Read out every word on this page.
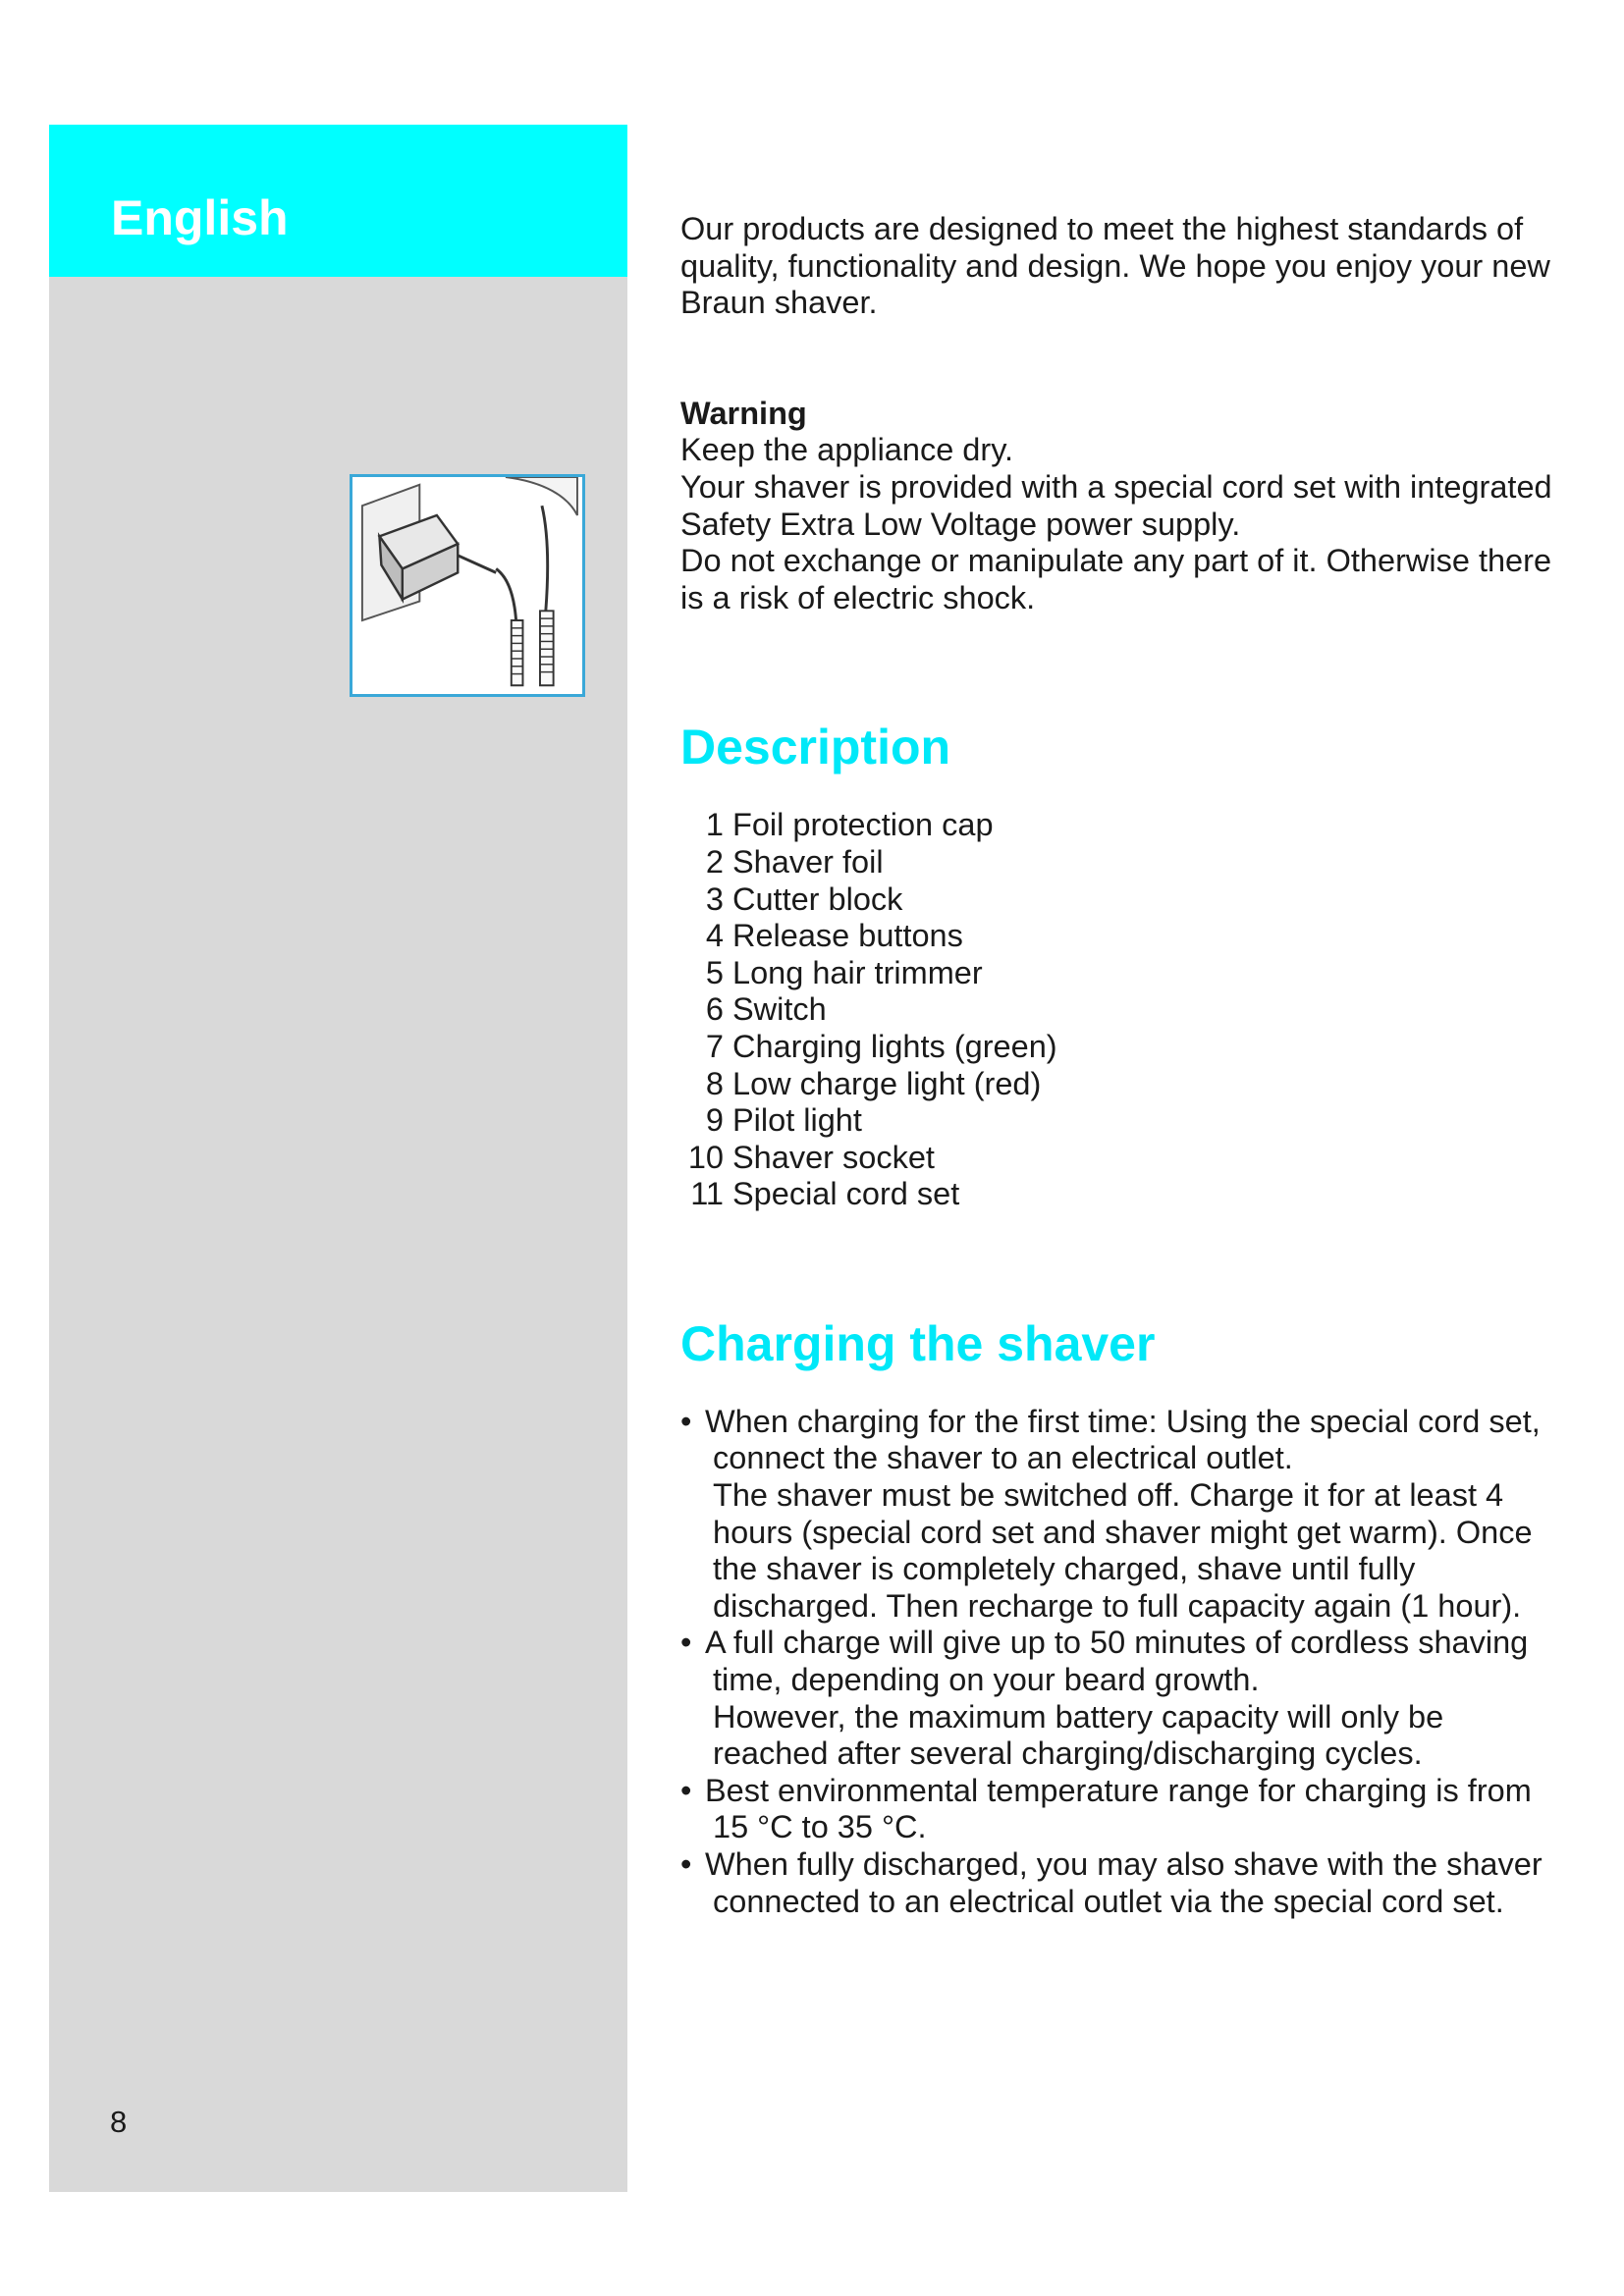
English
8

Our products are designed to meet the highest standards of quality, functionality and design. We hope you enjoy your new Braun shaver.

Warning

Keep the appliance dry.

Your shaver is provided with a special cord set with integrated Safety Extra Low Voltage power supply.

Do not exchange or manipulate any part of it. Otherwise there is a risk of electric shock.

Description
1 Foil protection cap
2 Shaver foil
3 Cutter block
4 Release buttons
5 Long hair trimmer
6 Switch
7 Charging lights (green)
8 Low charge light (red)
9 Pilot light
10 Shaver socket
11 Special cord set
Charging the shaver
• When charging for the first time: Using the special cord set, connect the shaver to an electrical outlet.
The shaver must be switched off. Charge it for at least 4 hours (special cord set and shaver might get warm). Once the shaver is completely charged, shave until fully discharged. Then recharge to full capacity again (1 hour).
• A full charge will give up to 50 minutes of cordless shaving time, depending on your beard growth.
However, the maximum battery capacity will only be reached after several charging/discharging cycles.
• Best environmental temperature range for charging is from 15 °C to 35 °C.
• When fully discharged, you may also shave with the shaver connected to an electrical outlet via the special cord set.
